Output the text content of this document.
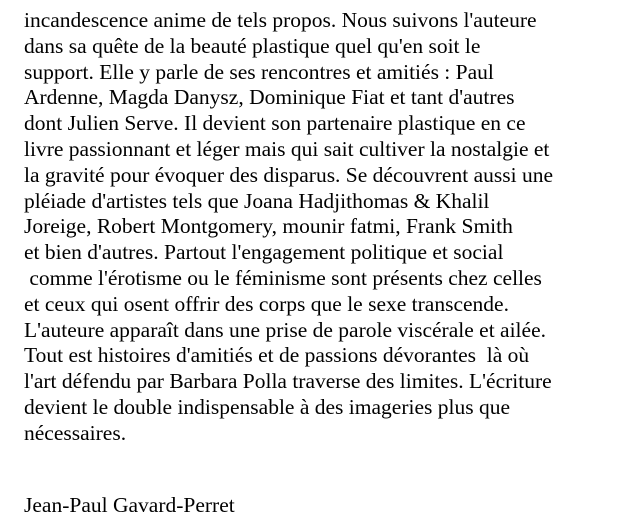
incandescence anime de tels propos. Nous suivons l'auteure
dans sa quête de la beauté plastique quel qu'en soit le
support. Elle y parle de ses rencontres et amitiés : Paul
Ardenne, Magda Danysz, Dominique Fiat et tant d'autres
dont Julien Serve. Il devient son partenaire plastique en ce
livre passionnant et léger mais qui sait cultiver la nostalgie et
la gravité pour évoquer des disparus. Se découvrent aussi une
pléiade d'artistes tels que Joana Hadjithomas & Khalil
Joreige, Robert Montgomery, mounir fatmi, Frank Smith
et bien d'autres. Partout l'engagement politique et social
comme l'érotisme ou le féminisme sont présents chez celles
et ceux qui osent offrir des corps que le sexe transcende.
L'auteure apparaît dans une prise de parole viscérale et ailée.
Tout est histoires d'amitiés et de passions dévorantes  là où
l'art défendu par Barbara Polla traverse des limites. L'écriture
devient le double indispensable à des imageries plus que
nécessaires.
Jean-Paul Gavard-Perret
